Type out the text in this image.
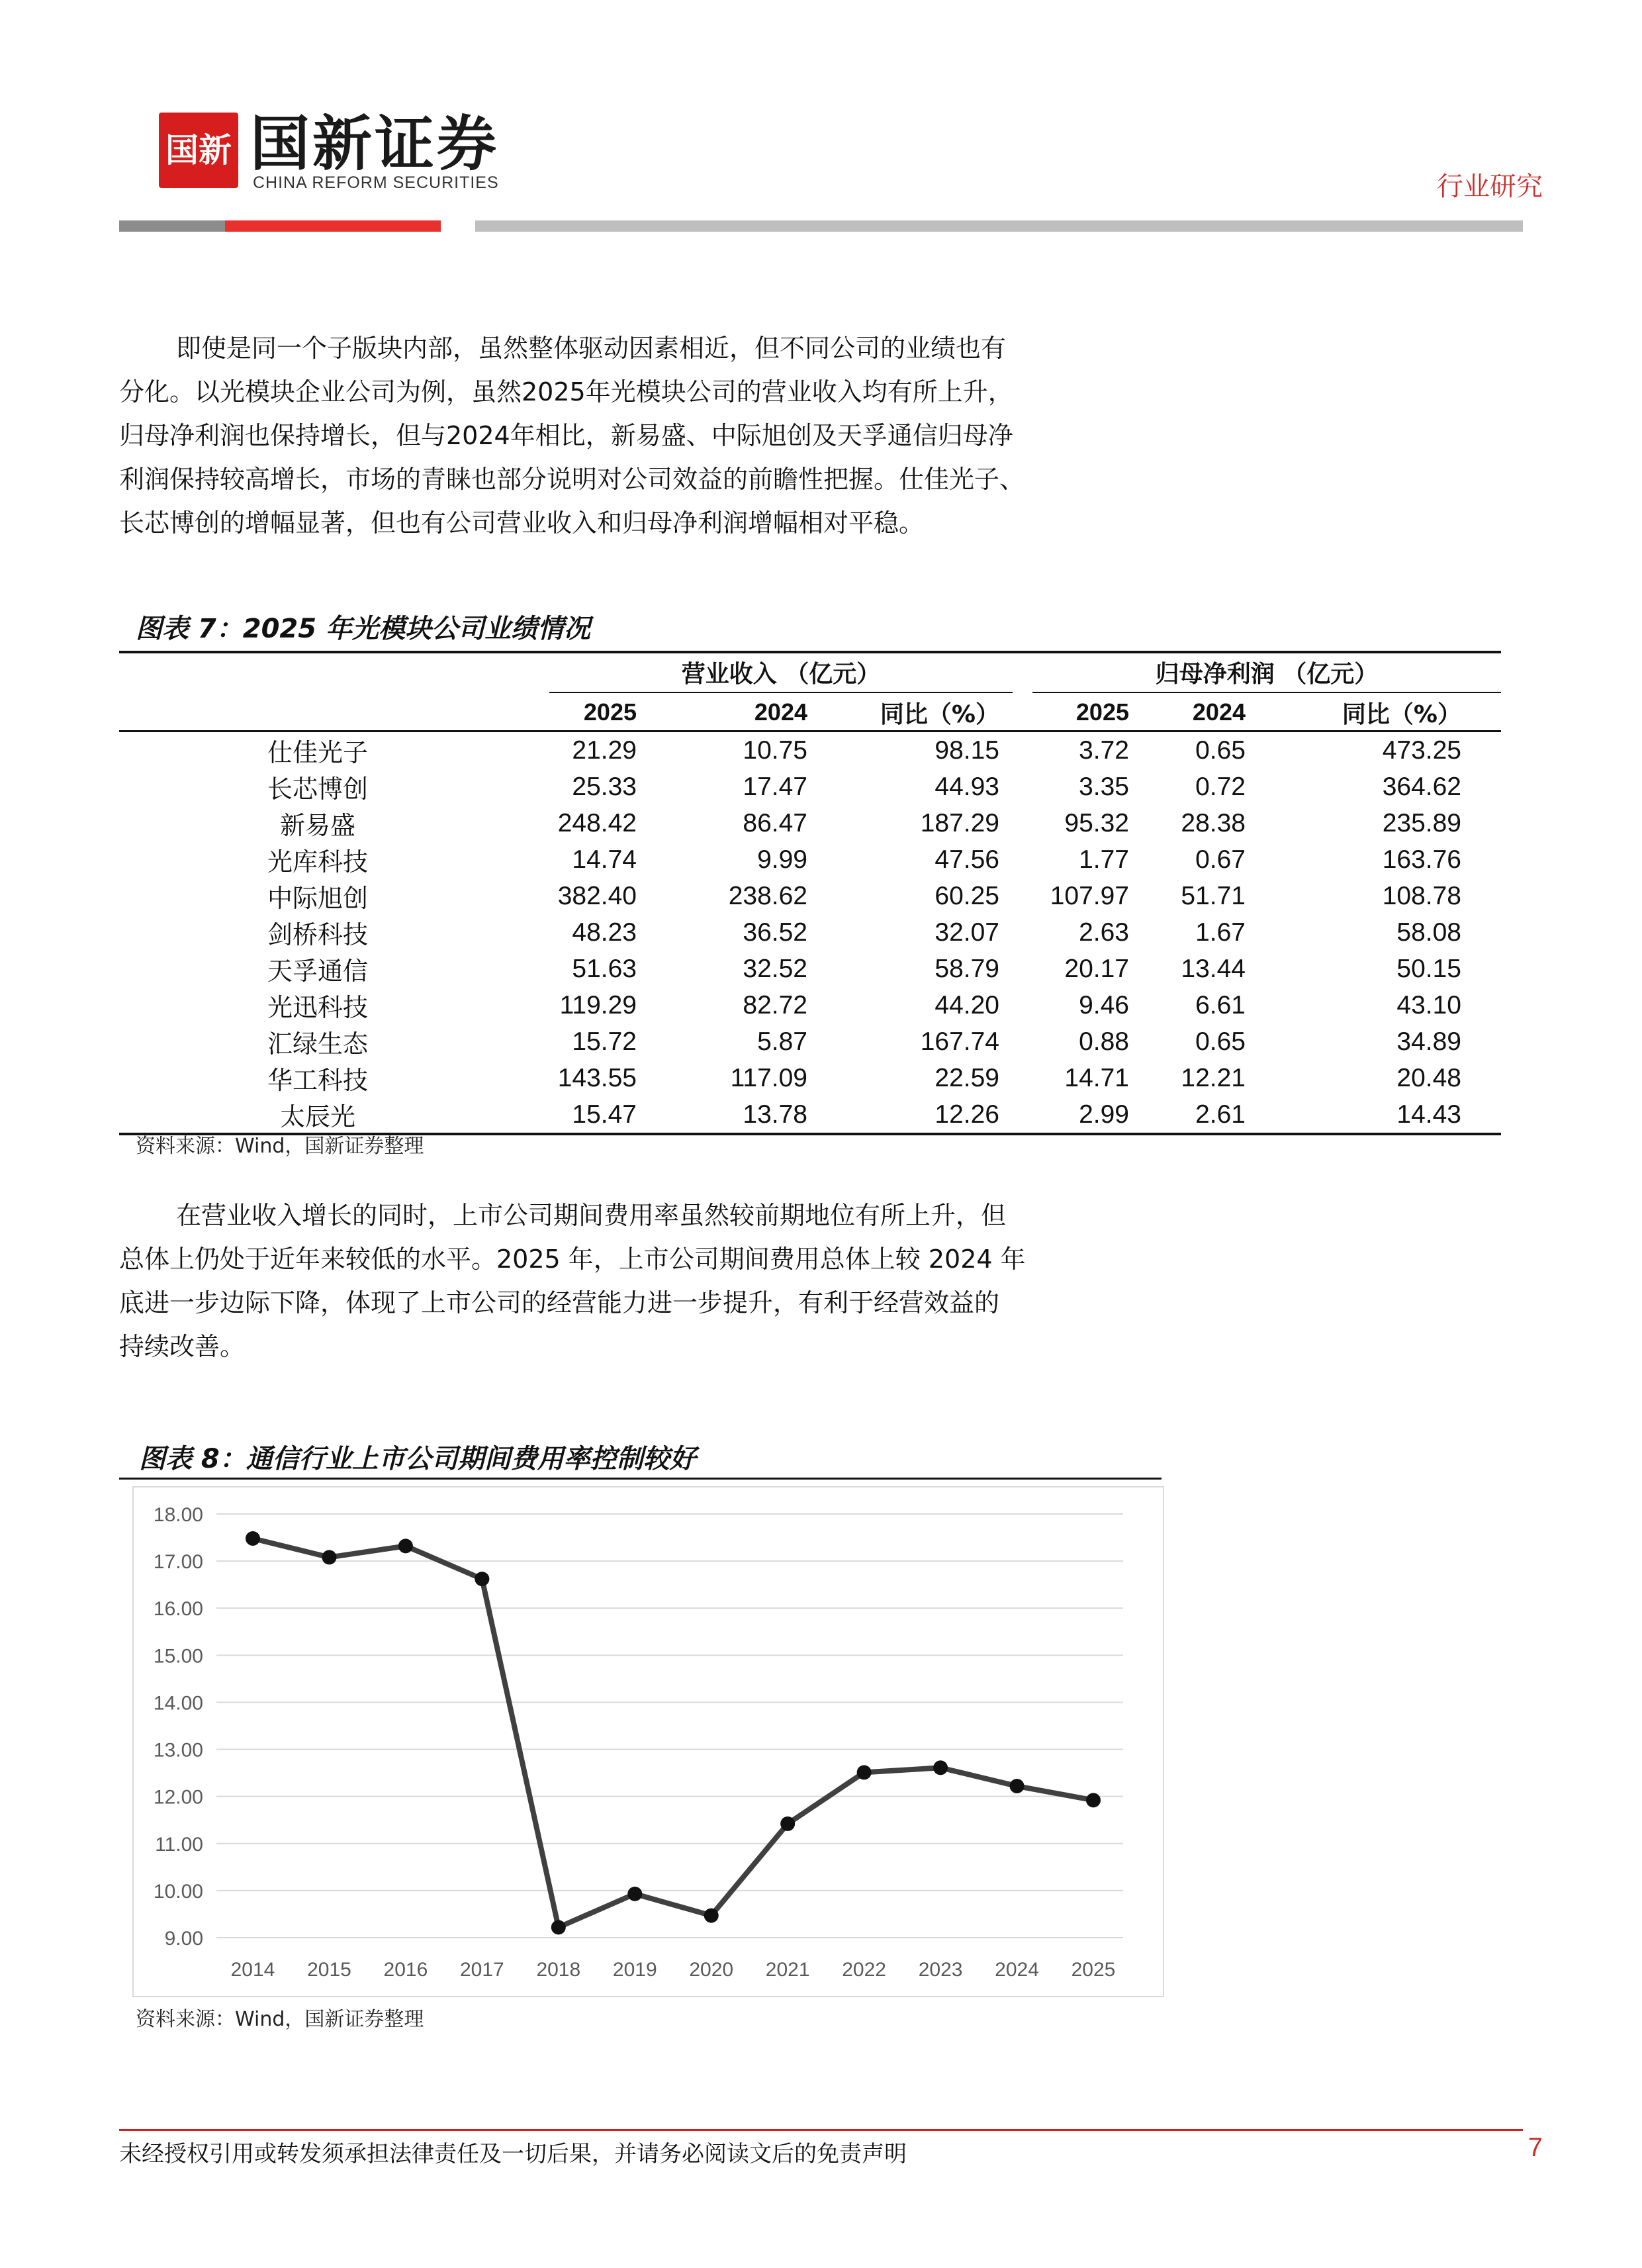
国新 国新证券
CHINA REFORM SECURITIES	行业研究

即使是同一个子版块内部，虽然整体驱动因素相近，但不同公司的业绩也有

分化。以光模块企业公司为例，虽然2025年光模块公司的营业收入均有所上升，

归母净利润也保持增长，但与2024年相比，新易盛、中际旭创及天孚通信归母净

利润保持较高增长，市场的青睐也部分说明对公司效益的前瞻性把握。仕佳光子、

长芯博创的增幅显著，但也有公司营业收入和归母净利润增幅相对平稳。

图表 7：2025 年光模块公司业绩情况
	营业收入 （亿元）			归母净利润 （亿元）		
	2025	2024	同比（%）	2025	2024	同比（%）
仕佳光子	21.29	10.75	98.15	3.72	0.65	473.25
长芯博创	25.33	17.47	44.93	3.35	0.72	364.62
新易盛	248.42	86.47	187.29	95.32	28.38	235.89
光库科技	14.74	9.99	47.56	1.77	0.67	163.76
中际旭创	382.40	238.62	60.25	107.97	51.71	108.78
剑桥科技	48.23	36.52	32.07	2.63	1.67	58.08
天孚通信	51.63	32.52	58.79	20.17	13.44	50.15
光迅科技	119.29	82.72	44.20	9.46	6.61	43.10
汇绿生态	15.72	5.87	167.74	0.88	0.65	34.89
华工科技	143.55	117.09	22.59	14.71	12.21	20.48
太辰光	15.47	13.78	12.26	2.99	2.61	14.43
资料来源：Wind，国新证券整理

在营业收入增长的同时，上市公司期间费用率虽然较前期地位有所上升，但

总体上仍处于近年来较低的水平。2025 年，上市公司期间费用总体上较 2024 年

底进一步边际下降，体现了上市公司的经营能力进一步提升，有利于经营效益的

持续改善。

图表 8：通信行业上市公司期间费用率控制较好
18.00
17.00
16.00
15.00
14.00
13.00
12.00
11.00
10.00
9.00
2014 2015 2016 2017 2018 2019 2020 2021 2022 2023 2024 2025
资料来源：Wind，国新证券整理
未经授权引用或转发须承担法律责任及一切后果，并请务必阅读文后的免责声明	7
